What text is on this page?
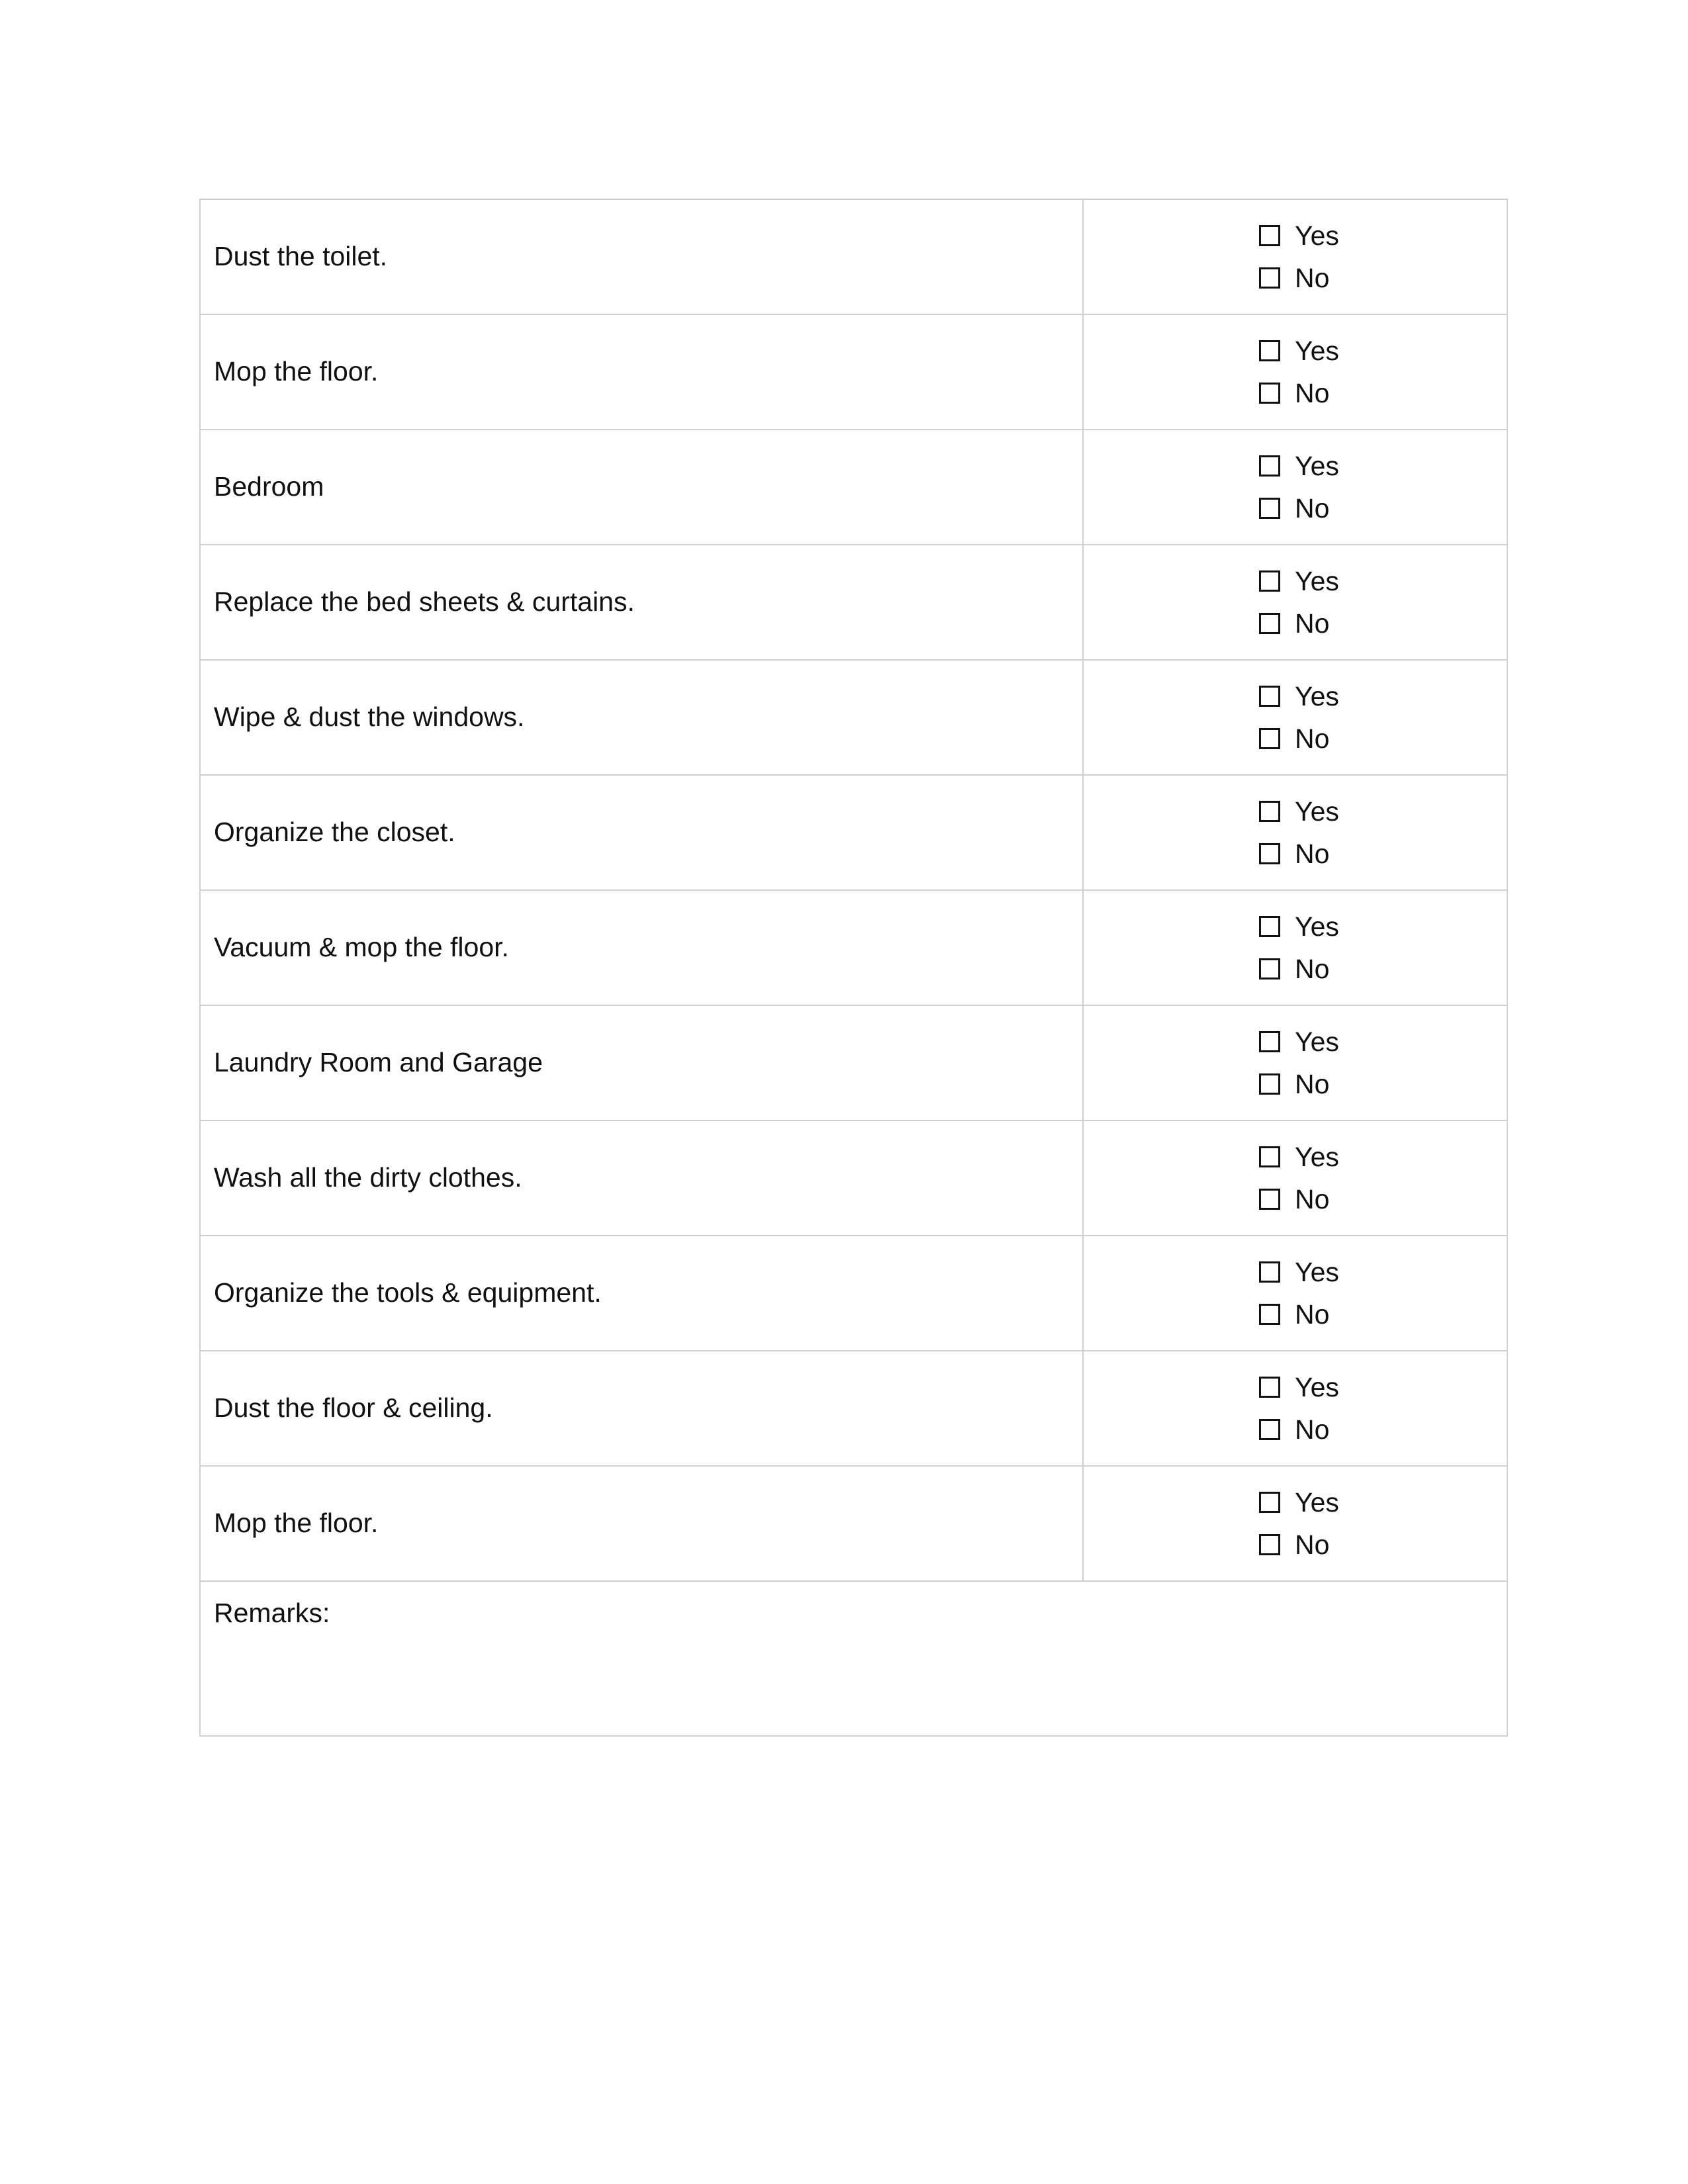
Dust the toilet.	Yes
No

Mop the floor.	Yes
No

Bedroom	Yes
No

Replace the bed sheets & curtains.	Yes
No

Wipe & dust the windows.	Yes
No

Organize the closet.	Yes
No

Vacuum & mop the floor.	Yes
No

Laundry Room and Garage	Yes
No

Wash all the dirty clothes.	Yes
No

Organize the tools & equipment.	Yes
No

Dust the floor & ceiling.	Yes
No

Mop the floor.	Yes
No

Remarks:	
